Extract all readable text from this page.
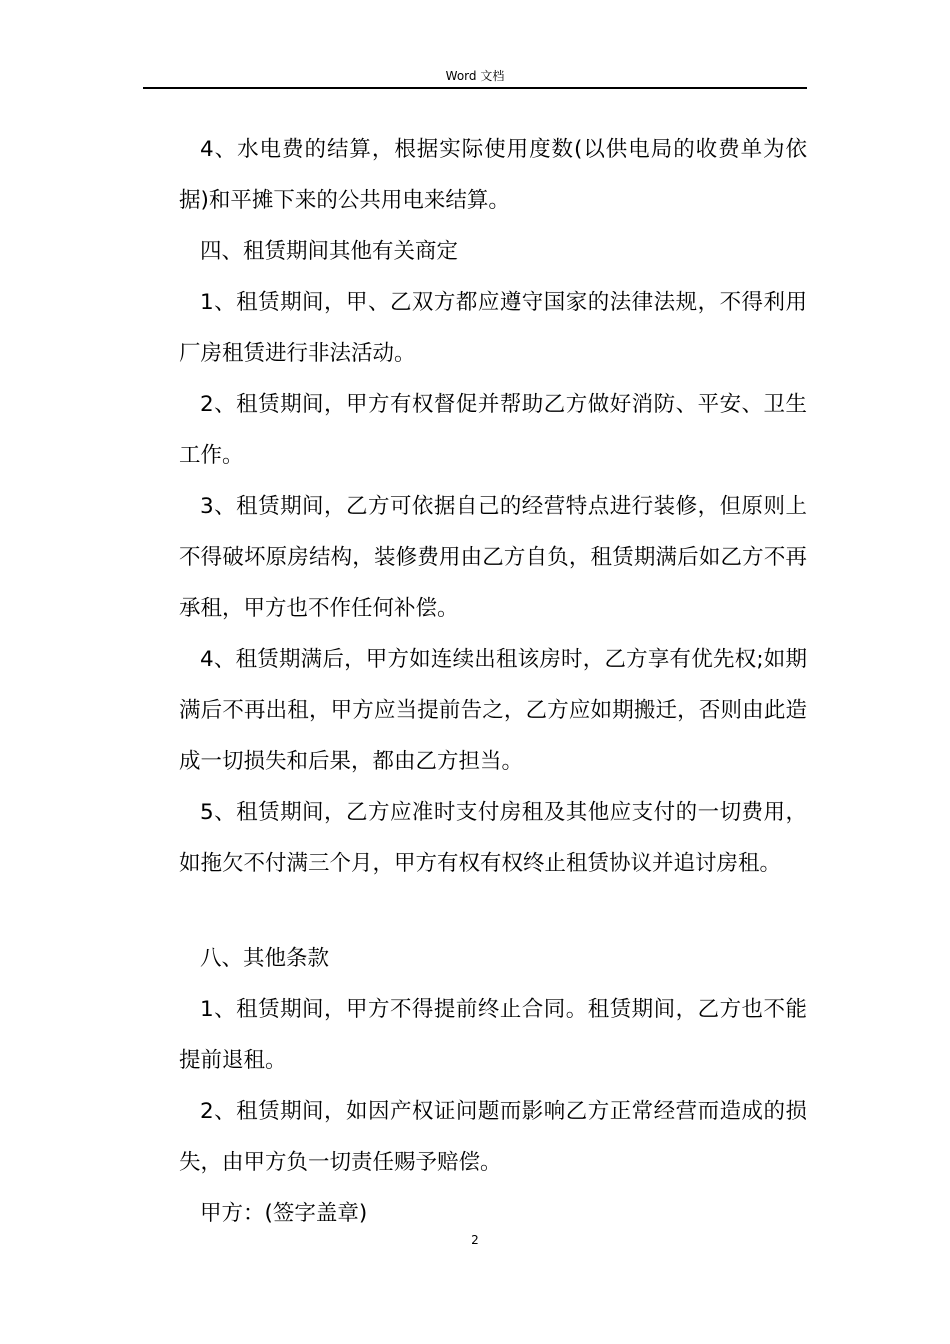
Word 文档

4、水电费的结算，根据实际使用度数(以供电局的收费单为依据)和平摊下来的公共用电来结算。

四、租赁期间其他有关商定

1、租赁期间，甲、乙双方都应遵守国家的法律法规，不得利用厂房租赁进行非法活动。

2、租赁期间，甲方有权督促并帮助乙方做好消防、平安、卫生工作。

3、租赁期间，乙方可依据自己的经营特点进行装修，但原则上不得破坏原房结构，装修费用由乙方自负，租赁期满后如乙方不再承租，甲方也不作任何补偿。

4、租赁期满后，甲方如连续出租该房时，乙方享有优先权;如期满后不再出租，甲方应当提前告之，乙方应如期搬迁，否则由此造成一切损失和后果，都由乙方担当。

5、租赁期间，乙方应准时支付房租及其他应支付的一切费用，如拖欠不付满三个月，甲方有权有权终止租赁协议并追讨房租。

八、其他条款

1、租赁期间，甲方不得提前终止合同。租赁期间，乙方也不能提前退租。

2、租赁期间，如因产权证问题而影响乙方正常经营而造成的损失，由甲方负一切责任赐予赔偿。

甲方：(签字盖章)

2
